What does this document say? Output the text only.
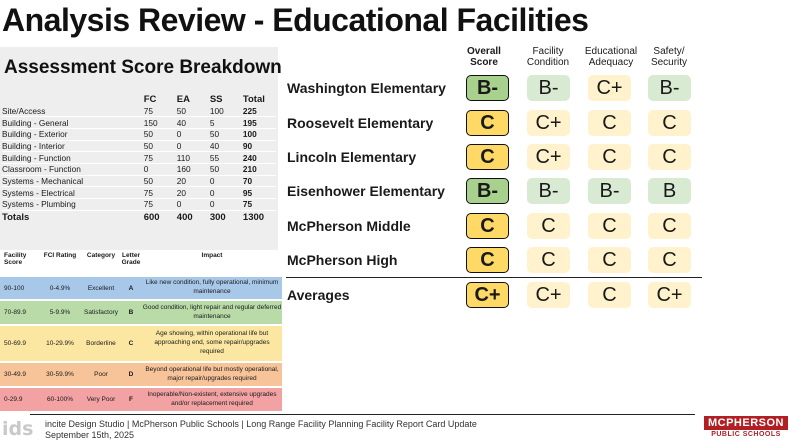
Analysis Review - Educational Facilities
Assessment Score Breakdown
	FC	EA	SS	Total
Site/Access	75	50	100	225
Building - General	150	40	5	195
Building - Exterior	50	0	50	100
Building - Interior	50	0	40	90
Building - Function	75	110	55	240
Classroom - Function	0	160	50	210
Systems - Mechanical	50	20	0	70
Systems - Electrical	75	20	0	95
Systems - Plumbing	75	0	0	75
Totals	600	400	300	1300
Facility Score
FCI Rating	Category	Letter Grade
Impact
90-100	0-4.9%	Excellent	A
Like new condition, fully operational, minimum maintenance
70-89.9	5-9.9%	Satisfactory	B
Good condition, light repair and regular deferred maintenance
50-69.9	10-29.9%	Borderline	C
Age showing, within operational life but approaching end, some repair/upgrades required
30-49.9	30-59.9%	Poor	D
Beyond operational life but mostly operational, major repair/upgrades required
0-29.9	60-100%	Very Poor	F
Inoperable/Non-existent, extensive upgrades and/or replacement required
Overall
Score
Facility
Condition
Educational
Adequacy
Safety/
Security
Washington Elementary	B-	B-	C+	B-
Roosevelt Elementary	C	C+	C	C
Lincoln Elementary	C	C+	C	C
Eisenhower Elementary	B-	B-	B-	B
McPherson Middle	C	C	C	C
McPherson High	C	C	C	C
Averages	C+	C+	C	C+
ids incite Design Studio | McPherson Public Schools | Long Range Facility Planning Facility Report Card Update
September 15th, 2025
MCPHERSON
PUBLIC SCHOOLS
